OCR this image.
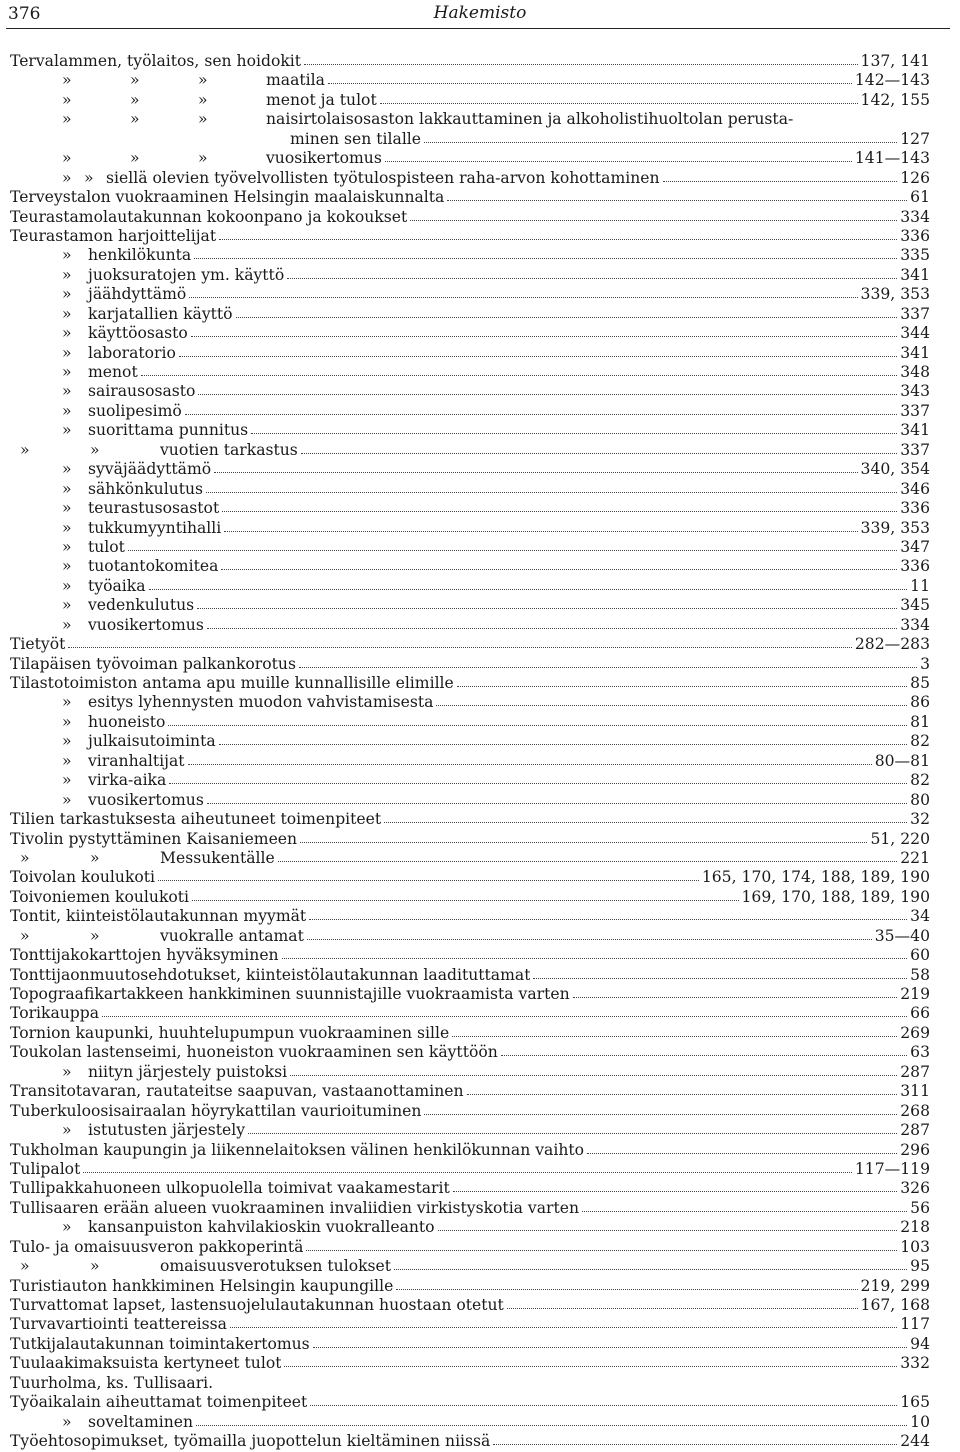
376	Hakemisto
Tervalammen, työlaitos, sen hoidokit	137, 141
»	»	»	maatila	142—143
»	»	»	menot ja tulot	142, 155
»	»	»	naisirtolaisosaston lakkauttaminen ja alkoholistihuoltolan perusta-
minen sen tilalle	127
»	»	»	vuosikertomus	141—143
» » siellä olevien työvelvollisten työtulospisteen raha-arvon kohottaminen	126
Terveystalon vuokraaminen Helsingin maalaiskunnalta	61
Teurastamolautakunnan kokoonpano ja kokoukset	334
Teurastamon harjoittelijat	336
» henkilökunta	335
» juoksuratojen ym. käyttö	341
» jäähdyttämö	339, 353
» karjatallien käyttö	337
» käyttöosasto	344
» laboratorio	341
» menot	348
» sairausosasto	343
» suolipesimö	337
» suorittama punnitus	341
»	»	vuotien tarkastus	337
» syväjäädyttämö	340, 354
» sähkönkulutus	346
» teurastusosastot	336
» tukkumyyntihalli	339, 353
» tulot	347
» tuotantokomitea	336
» työaika	11
» vedenkulutus	345
» vuosikertomus	334
Tietyöt	282—283
Tilapäisen työvoiman palkankorotus	3
Tilastotoimiston antama apu muille kunnallisille elimille	85
» esitys lyhennysten muodon vahvistamisesta	86
» huoneisto	81
» julkaisutoiminta	82
» viranhaltijat	80—81
» virka-aika	82
» vuosikertomus	80
Tilien tarkastuksesta aiheutuneet toimenpiteet	32
Tivolin pystyttäminen Kaisaniemeen	51, 220
»	»	Messukentälle	221
Toivolan koulukoti	165, 170, 174, 188, 189, 190
Toivoniemen koulukoti	169, 170, 188, 189, 190
Tontit, kiinteistölautakunnan myymät	34
»	»	vuokralle antamat	35—40
Tonttijakokarttojen hyväksyminen	60
Tonttijaonmuutosehdotukset, kiinteistölautakunnan laadituttamat	58
Topograafikartakkeen hankkiminen suunnistajille vuokraamista varten	219
Torikauppa	66
Tornion kaupunki, huuhtelupumpun vuokraaminen sille	269
Toukolan lastenseimi, huoneiston vuokraaminen sen käyttöön	63
» niityn järjestely puistoksi	287
Transitotavaran, rautateitse saapuvan, vastaanottaminen	311
Tuberkuloosisairaalan höyrykattilan vaurioituminen	268
» istutusten järjestely	287
Tukholman kaupungin ja liikennelaitoksen välinen henkilökunnan vaihto	296
Tulipalot	117—119
Tullipakkahuoneen ulkopuolella toimivat vaakamestarit	326
Tullisaaren erään alueen vuokraaminen invaliidien virkistyskotia varten	56
» kansanpuiston kahvilakioskin vuokralleanto	218
Tulo- ja omaisuusveron pakkoperintä	103
»	»	omaisuusverotuksen tulokset	95
Turistiauton hankkiminen Helsingin kaupungille	219, 299
Turvattomat lapset, lastensuojelulautakunnan huostaan otetut	167, 168
Turvavartiointi teattereissa	117
Tutkijalautakunnan toimintakertomus	94
Tuulaakimaksuista kertyneet tulot	332
Tuurholma, ks. Tullisaari.
Työaikalain aiheuttamat toimenpiteet	165
» soveltaminen	10
Työehtosopimukset, työmailla juopottelun kieltäminen niissä	244
